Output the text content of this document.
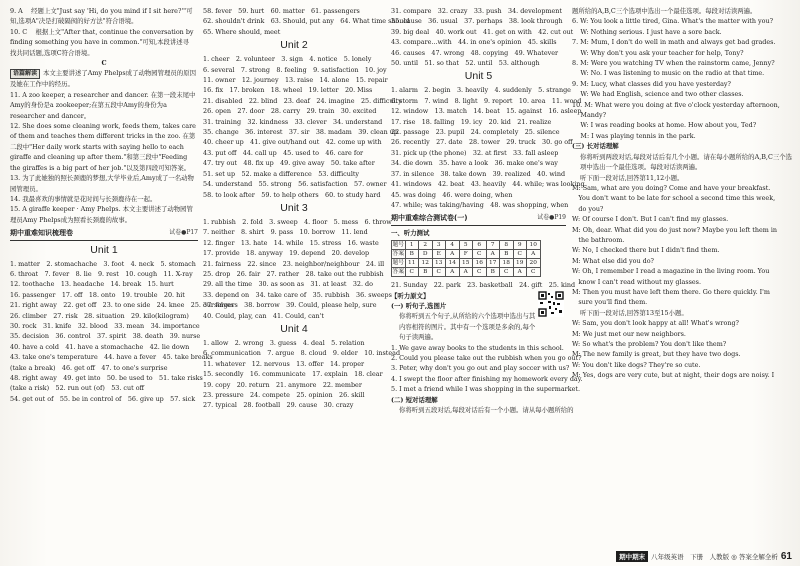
9. A 　经题上文"Just say 'Hi, do you mind if I sit here?'"可
知,选项A"决是打破隔阂的好方法"符合语境。
10. C 　根据上文"After that, continue the conversation by
finding something you have in common."可知,本段讲述寻
找共同话题,选项C符合语境。
C
语篇解读 本文主要讲述了Amy Phelps成了动物园管理员的原因及她在工作中的经历。
11. A zoo keeper, a researcher and dancer. 在第一段末尾中Amy的身份是a zookeeper;在第五段中Amy的身份为a researcher and dancer。
12. She does some cleaning work, feeds them, takes care of them and teaches them different tricks in the zoo. 在第二段中"Her daily work starts with saying hello to each giraffe and cleaning up after them."和第三段中"Feeding the giraffes is a big part of her job."以及第四段可知答案。
13. 为了此她独的照长颈鹿的梦想,大学毕业后,Amy成了一名动物园管理员。
14. 我最喜欢的事情就是花时间与长颈鹿待在一起。
15. A giraffe keeper · Amy Phelps. 本文主要讲述了动物园管理员Amy Phelps成为照看长颈鹿的故事。
期中重难知识梳理卷	试卷●P17
Unit 1
1. matter　2. stomachache　3. foot　4. neck　5. stomach
6. throat　7. fever　8. lie　9. rest　10. cough　11. X-ray
12. toothache　13. headache　14. break　15. hurt
16. passenger　17. off　18. onto　19. trouble　20. hit
21. right away　22. get off　23. to one side　24. knee　25. ourselves
26. climber　27. risk　28. situation　29. kilo(kilogram)
30. rock　31. knife　32. blood　33. mean　34. importance
35. decision　36. control　37. spirit　38. death　39. nurse
40. have a cold　41. have a stomachache　42. lie down
43. take one's temperature　44. have a fever　45. take breaks
(take a break)　46. get off　47. to one's surprise
48. right away　49. get into　50. be used to　51. take risks
(take a risk)　52. run out (of)　53. cut off
54. get out of　55. be in control of　56. give up　57. sick
58. fever　59. hurt　60. matter　61. passengers
62. shouldn't drink　63. Should, put any　64. What time should
65. Where should, meet
Unit 2
1. cheer　2. volunteer　3. sign　4. notice　5. lonely
6. several　7. strong　8. feeling　9. satisfaction　10. joy
11. owner　12. journey　13. raise　14. alone　15. repair
16. fix　17. broken　18. wheel　19. letter　20. Miss
21. disabled　22. blind　23. deaf　24. imagine　25. difficulty
26. open　27. door　28. carry　29. train　30. excited
31. training　32. kindness　33. clever　34. understand
35. change　36. interest　37. sir　38. madam　39. clean up
40. cheer up　41. give out/hand out　42. come up with
43. put off　44. call up　45. used to　46. care for
47. try out　48. fix up　49. give away　50. take after
51. set up　52. make a difference　53. difficulty
54. understand　55. strong　56. satisfaction　57. owner
58. to look after　59. to help others　60. to study hard
Unit 3
1. rubbish　2. fold　3. sweep　4. floor　5. mess　6. throw
7. neither　8. shirt　9. pass　10. borrow　11. lend
12. finger　13. hate　14. while　15. stress　16. waste
17. provide　18. anyway　19. depend　20. develop
21. fairness　22. since　23. neighbor/neighbour　24. ill
25. drop　26. fair　27. rather　28. take out the rubbish
29. all the time　30. as soon as　31. at least　32. do
33. depend on　34. take care of　35. rubbish　36. sweeps
37. fingers　38. borrow　39. Could, please help, sure
40. Could, play, can　41. Could, can't
Unit 4
1. allow　2. wrong　3. guess　4. deal　5. relation
6. communication　7. argue　8. cloud　9. elder　10. instead
11. whatever　12. nervous　13. offer　14. proper
15. secondly　16. communicate　17. explain　18. clear
19. copy　20. return　21. anymore　22. member
23. pressure　24. compete　25. opinion　26. skill
27. typical　28. football　29. cause　30. crazy
31. compare　32. crazy　33. push　34. development
35. cause　36. usual　37. perhaps　38. look through
39. big deal　40. work out　41. get on with　42. cut out
43. compare...with　44. in one's opinion　45. skills
46. causes　47. wrong　48. copying　49. Whatever
50. until　51. so that　52. until　53. although
Unit 5
1. alarm　2. begin　3. heavily　4. suddenly　5. strange
6. storm　7. wind　8. light　9. report　10. area　11. wood
12. window　13. match　14. beat　15. against　16. asleep
17. rise　18. falling　19. icy　20. kid　21. realize
22. passage　23. pupil　24. completely　25. silence
26. recently　27. date　28. tower　29. truck　30. go off
31. pick up (the phone)　32. at first　33. fall asleep
34. die down　35. have a look　36. make one's way
37. in silence　38. take down　39. realized　40. wind
41. windows　42. beat　43. heavily　44. while; was looking
45. was doing　46. were doing, when
47. while; was taking/having　48. was shopping, when
期中重难综合测试卷(一)	试卷●P19
一、听力测试
题号	1	2	3	4	5	6	7	8	9	10
答案	B	D	E	A	F	C	A	B	C	A
题号	11	12	13	14	15	16	17	18	19	20
答案	C	B	C	A	A	C	B	C	A	C
21. Sunday　22. park　23. basketball　24. gift　25. kind
【听力原文】
(一) 听句子,选图片
你将听到五个句子,从所给的六个选项中选出与其内容相符的图片。其中有一个选项是多余的,每个句子读两遍。
1. We gave away books to the students in this school.
2. Could you please take out the rubbish when you go out?
3. Peter, why don't you go out and play soccer with us?
4. I swept the floor after finishing my homework every day.
5. I met a friend while I was shopping in the supermarket.
(二) 短对话理解
你将听到五段对话,每段对话后有一个小题。请从每小题所给的
题所给的A,B,C三个选项中选出一个最佳选项。每段对话读两遍。
6. W: You look a little tired, Gina. What's the matter with you?
　 W: Nothing serious. I just have a sore back.
7. M: Mum, I don't do well in math and always get bad grades.
　 W: Why don't you ask your teacher for help, Tony?
8. M: Were you watching TV when the rainstorm came, Jenny?
　 W: No. I was listening to music on the radio at that time.
9. M: Lucy, what classes did you have yesterday?
　 W: We had English, science and two other classes.
10. M: What were you doing at five o'clock yesterday afternoon,
　 Mandy?
　 W: I was reading books at home. How about you, Ted?
　 M: I was playing tennis in the park.
(三) 长对话理解
你将听到两段对话,每段对话后有几个小题。请在每小题所给的A,B,C三个选项中选出一个最佳选项。每段对话读两遍。
听下面一段对话,回答第11,12小题。
M: Sam, what are you doing? Come and have your breakfast.
　You don't want to be late for school a second time this week,
　do you?
W: Of course I don't. But I can't find my glasses.
M: Oh, dear. What did you do just now? Maybe you left them in
　the bathroom.
W: No, I checked there but I didn't find them.
M: What else did you do?
W: Oh, I remember I read a magazine in the living room. You
　know I can't read without my glasses.
M: Then you must have left them there. Go there quickly. I'm
　sure you'll find them.
听下面一段对话,回答第13至15小题。
W: Sam, you don't look happy at all! What's wrong?
M: We just met our new neighbors.
W: So what's the problem? You don't like them?
M: The new family is great, but they have two dogs.
W: You don't like dogs? They're so cute.
M: Yes, dogs are very cute, but at night, their dogs are noisy. I
期中期末 八年级英语　下册　人教版 ◎ 答案全解全析 61
